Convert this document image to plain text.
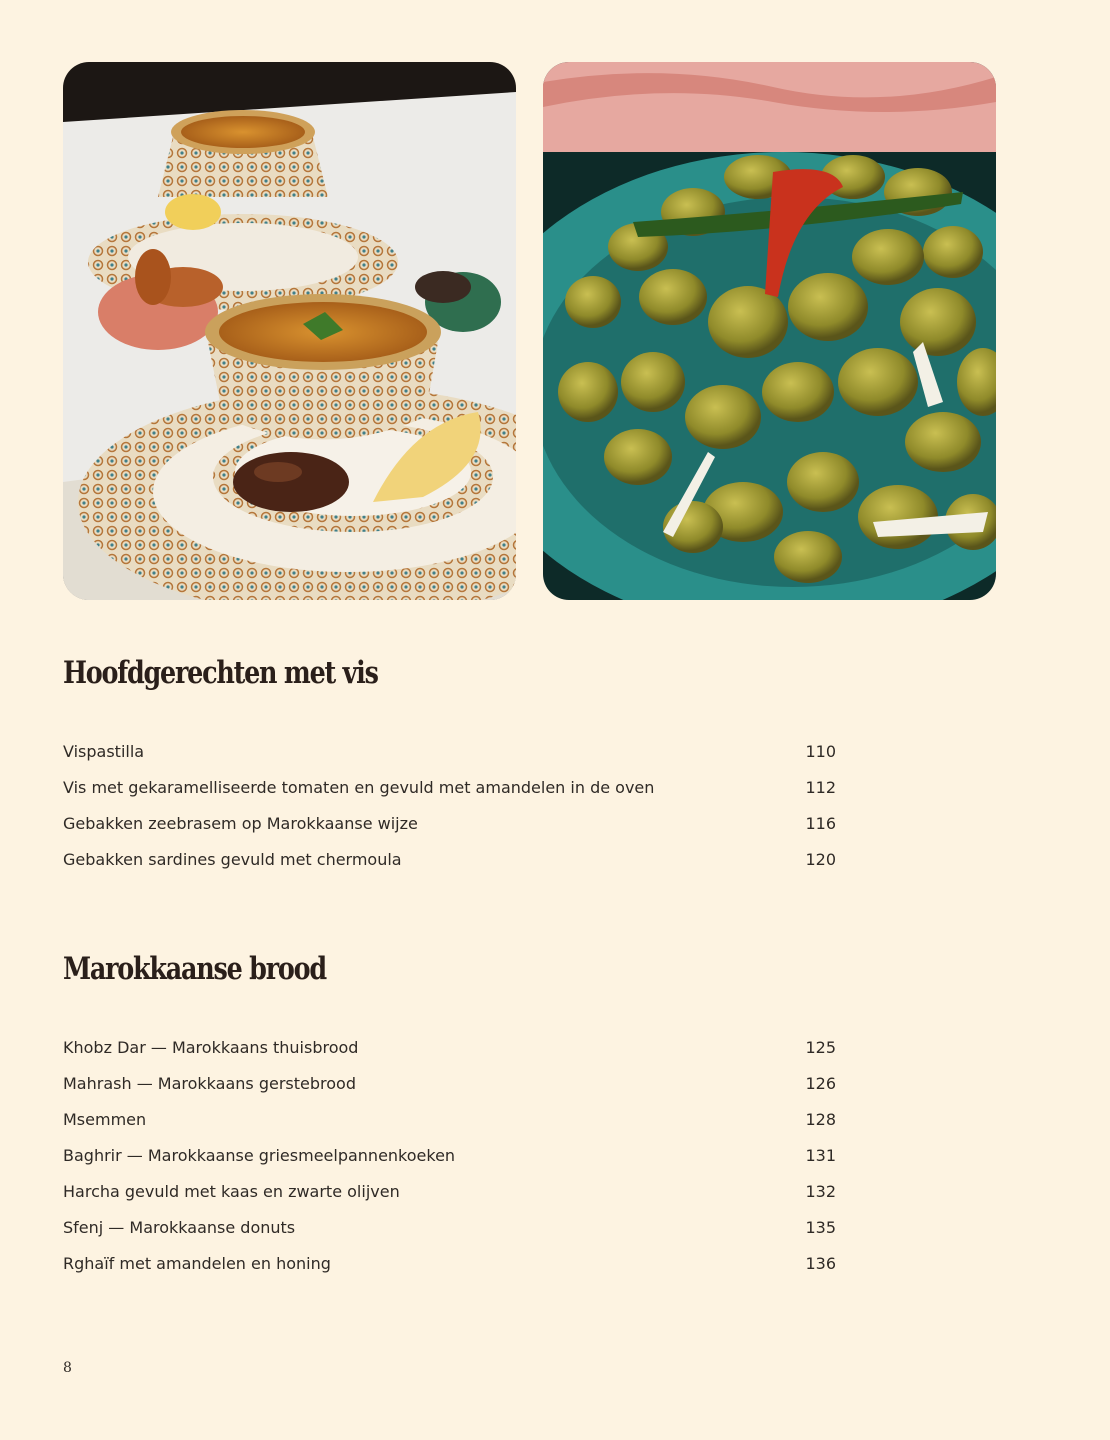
Hoofdgerechten met vis
Vispastilla	110
Vis met gekaramelliseerde tomaten en gevuld met amandelen in de oven	112
Gebakken zeebrasem op Marokkaanse wijze	116
Gebakken sardines gevuld met chermoula	120
Marokkaanse brood
Khobz Dar — Marokkaans thuisbrood	125
Mahrash — Marokkaans gerstebrood	126
Msemmen	128
Baghrir — Marokkaanse griesmeelpannenkoeken	131
Harcha gevuld met kaas en zwarte olijven	132
Sfenj — Marokkaanse donuts	135
Rghaïf met amandelen en honing	136
8
